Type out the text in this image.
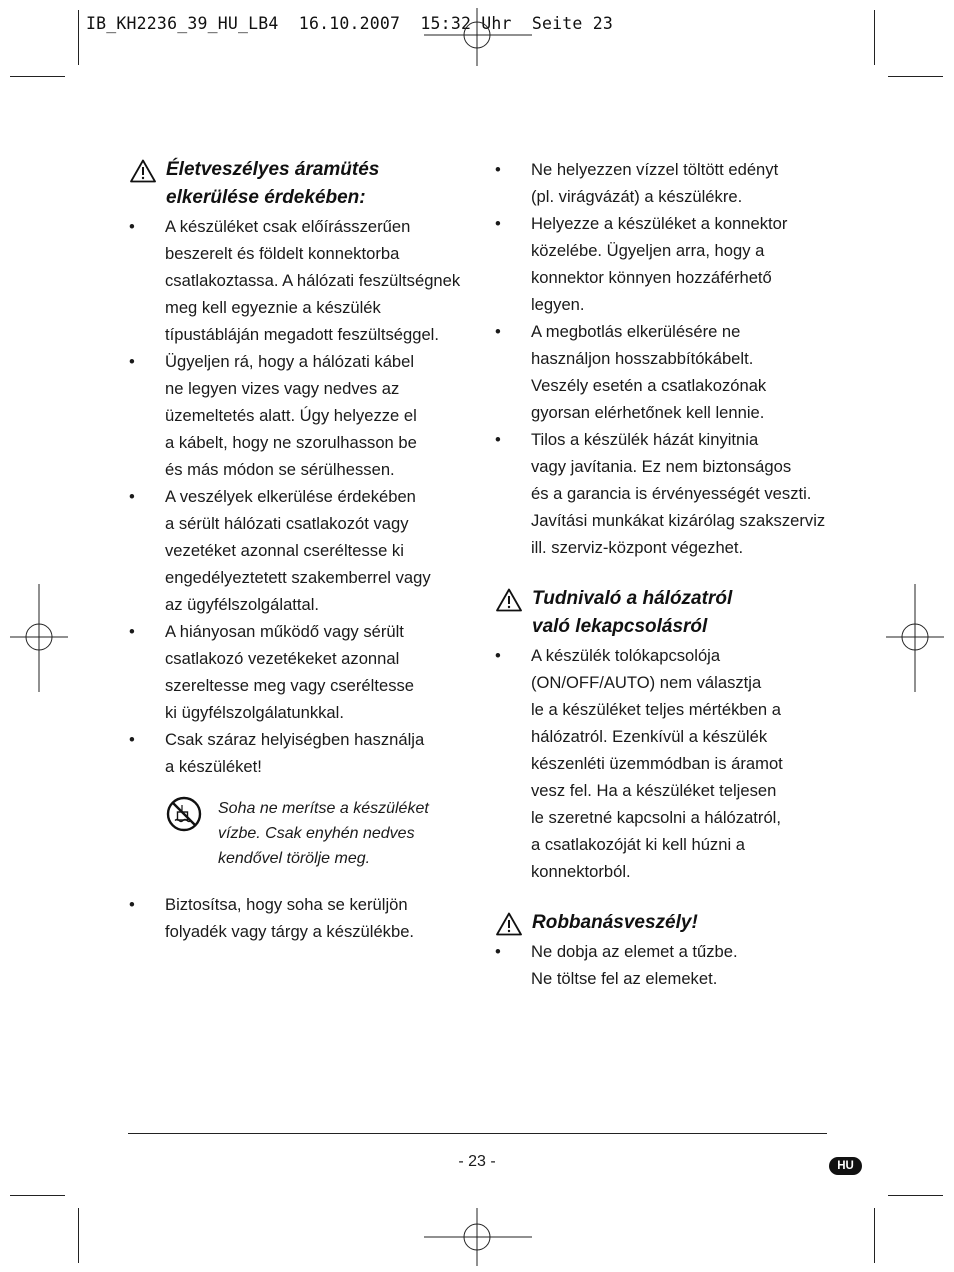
IB_KH2236_39_HU_LB4  16.10.2007  15:32 Uhr  Seite 23
Életveszélyes áramütés
elkerülése érdekében:
• A készüléket csak előírásszerűen
beszerelt és földelt konnektorba
csatlakoztassa. A hálózati feszültségnek
meg kell egyeznie a készülék
típustábláján megadott feszültséggel.
• Ügyeljen rá, hogy a hálózati kábel
ne legyen vizes vagy nedves az
üzemeltetés alatt. Úgy helyezze el
a kábelt, hogy ne szorulhasson be
és más módon se sérülhessen.
• A veszélyek elkerülése érdekében
a sérült hálózati csatlakozót vagy
vezetéket azonnal cseréltesse ki
engedélyeztetett szakemberrel vagy
az ügyfélszolgálattal.
• A hiányosan működő vagy sérült
csatlakozó vezetékeket azonnal
szereltesse meg vagy cseréltesse
ki ügyfélszolgálatunkkal.
• Csak száraz helyiségben használja
a készüléket!
Soha ne merítse a készüléket
vízbe. Csak enyhén nedves
kendővel törölje meg.
• Biztosítsa, hogy soha se kerüljön
folyadék vagy tárgy a készülékbe.
• Ne helyezzen vízzel töltött edényt
(pl. virágvázát) a készülékre.
• Helyezze a készüléket a konnektor
közelébe. Ügyeljen arra, hogy a
konnektor könnyen hozzáférhető
legyen.
• A megbotlás elkerülésére ne
használjon hosszabbítókábelt.
Veszély esetén a csatlakozónak
gyorsan elérhetőnek kell lennie.
• Tilos a készülék házát kinyitnia
vagy javítania. Ez nem biztonságos
és a garancia is érvényességét veszti.
Javítási munkákat kizárólag szakszerviz
ill. szerviz-központ végezhet.
Tudnivaló a hálózatról
való lekapcsolásról
• A készülék tolókapcsolója
(ON/OFF/AUTO) nem választja
le a készüléket teljes mértékben a
hálózatról. Ezenkívül a készülék
készenléti üzemmódban is áramot
vesz fel. Ha a készüléket teljesen
le szeretné kapcsolni a hálózatról,
a csatlakozóját ki kell húzni a
konnektorból.
Robbanásveszély!
• Ne dobja az elemet a tűzbe.
Ne töltse fel az elemeket.
- 23 -	HU
